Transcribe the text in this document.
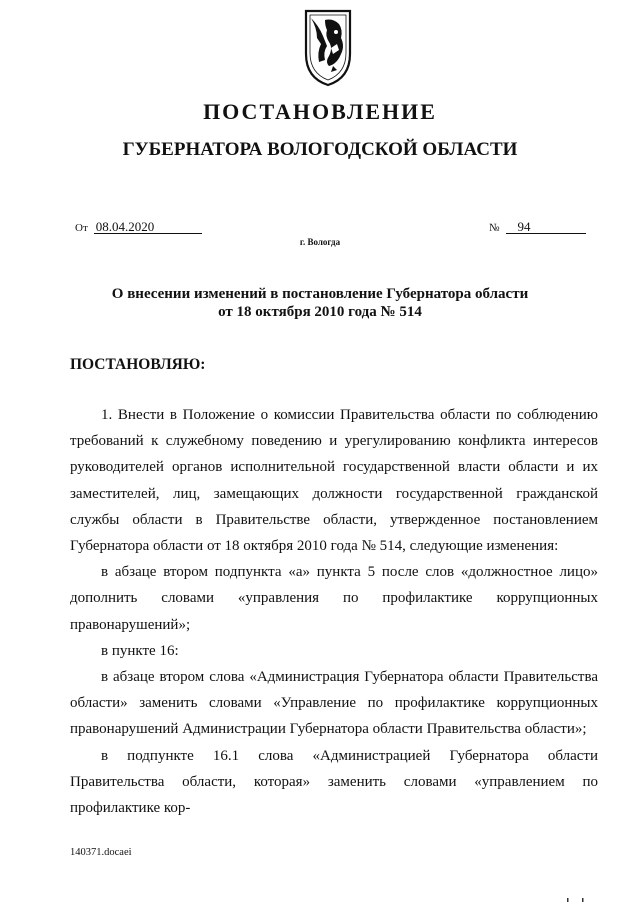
ПОСТАНОВЛЕНИЕ
ГУБЕРНАТОРА ВОЛОГОДСКОЙ ОБЛАСТИ
От 08.04.2020	№ 94
г. Вологда
О внесении изменений в постановление Губернатора области
от 18 октября 2010 года № 514
ПОСТАНОВЛЯЮ:

1. Внести в Положение о комиссии Правительства области по соблюдению требований к служебному поведению и урегулированию конфликта интересов руководителей органов исполнительной государственной власти области и их заместителей, лиц, замещающих должности государственной гражданской службы области в Правительстве области, утвержденное постановлением Губернатора области от 18 октября 2010 года № 514, следующие изменения:

в абзаце втором подпункта «а» пункта 5 после слов «должностное лицо» дополнить словами «управления по профилактике коррупционных правонарушений»;

в пункте 16:

в абзаце втором слова «Администрация Губернатора области Правительства области» заменить словами «Управление по профилактике коррупционных правонарушений Администрации Губернатора области Правительства области»;

в подпункте 16.1 слова «Администрацией Губернатора области Правительства области, которая» заменить словами «управлением по профилактике кор-

140371.docaei
